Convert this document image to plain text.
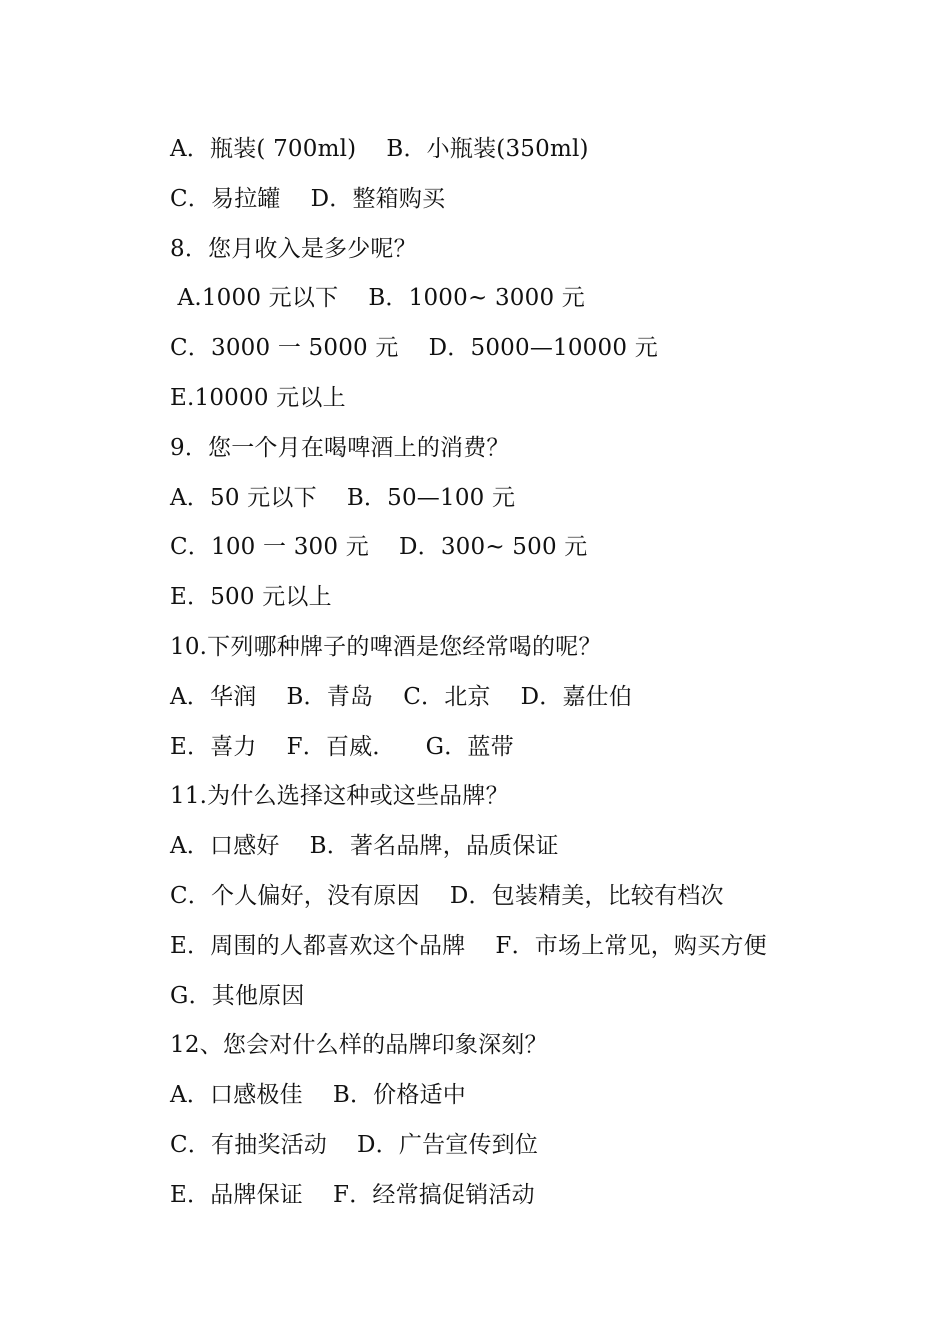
A．瓶装( 700ml)    B．小瓶装(350ml)
C．易拉罐    D．整箱购买
8．您月收入是多少呢？
A.1000 元以下    B．1000~ 3000 元
C．3000 一 5000 元    D．5000—10000 元
E.10000 元以上
9．您一个月在喝啤酒上的消费？
A．50 元以下    B．50—100 元
C．100 一 300 元    D．300~ 500 元
E．500 元以上
10.下列哪种牌子的啤酒是您经常喝的呢？
A．华润    B．青岛    C．北京    D．嘉仕伯
E．喜力    F．百威．    G．蓝带
11.为什么选择这种或这些品牌？
A．口感好    B．著名品牌，品质保证
C．个人偏好，没有原因    D．包装精美，比较有档次
E．周围的人都喜欢这个品牌    F．市场上常见，购买方便
G．其他原因
12、您会对什么样的品牌印象深刻？
A．口感极佳    B．价格适中
C．有抽奖活动    D．广告宣传到位
E．品牌保证    F．经常搞促销活动
